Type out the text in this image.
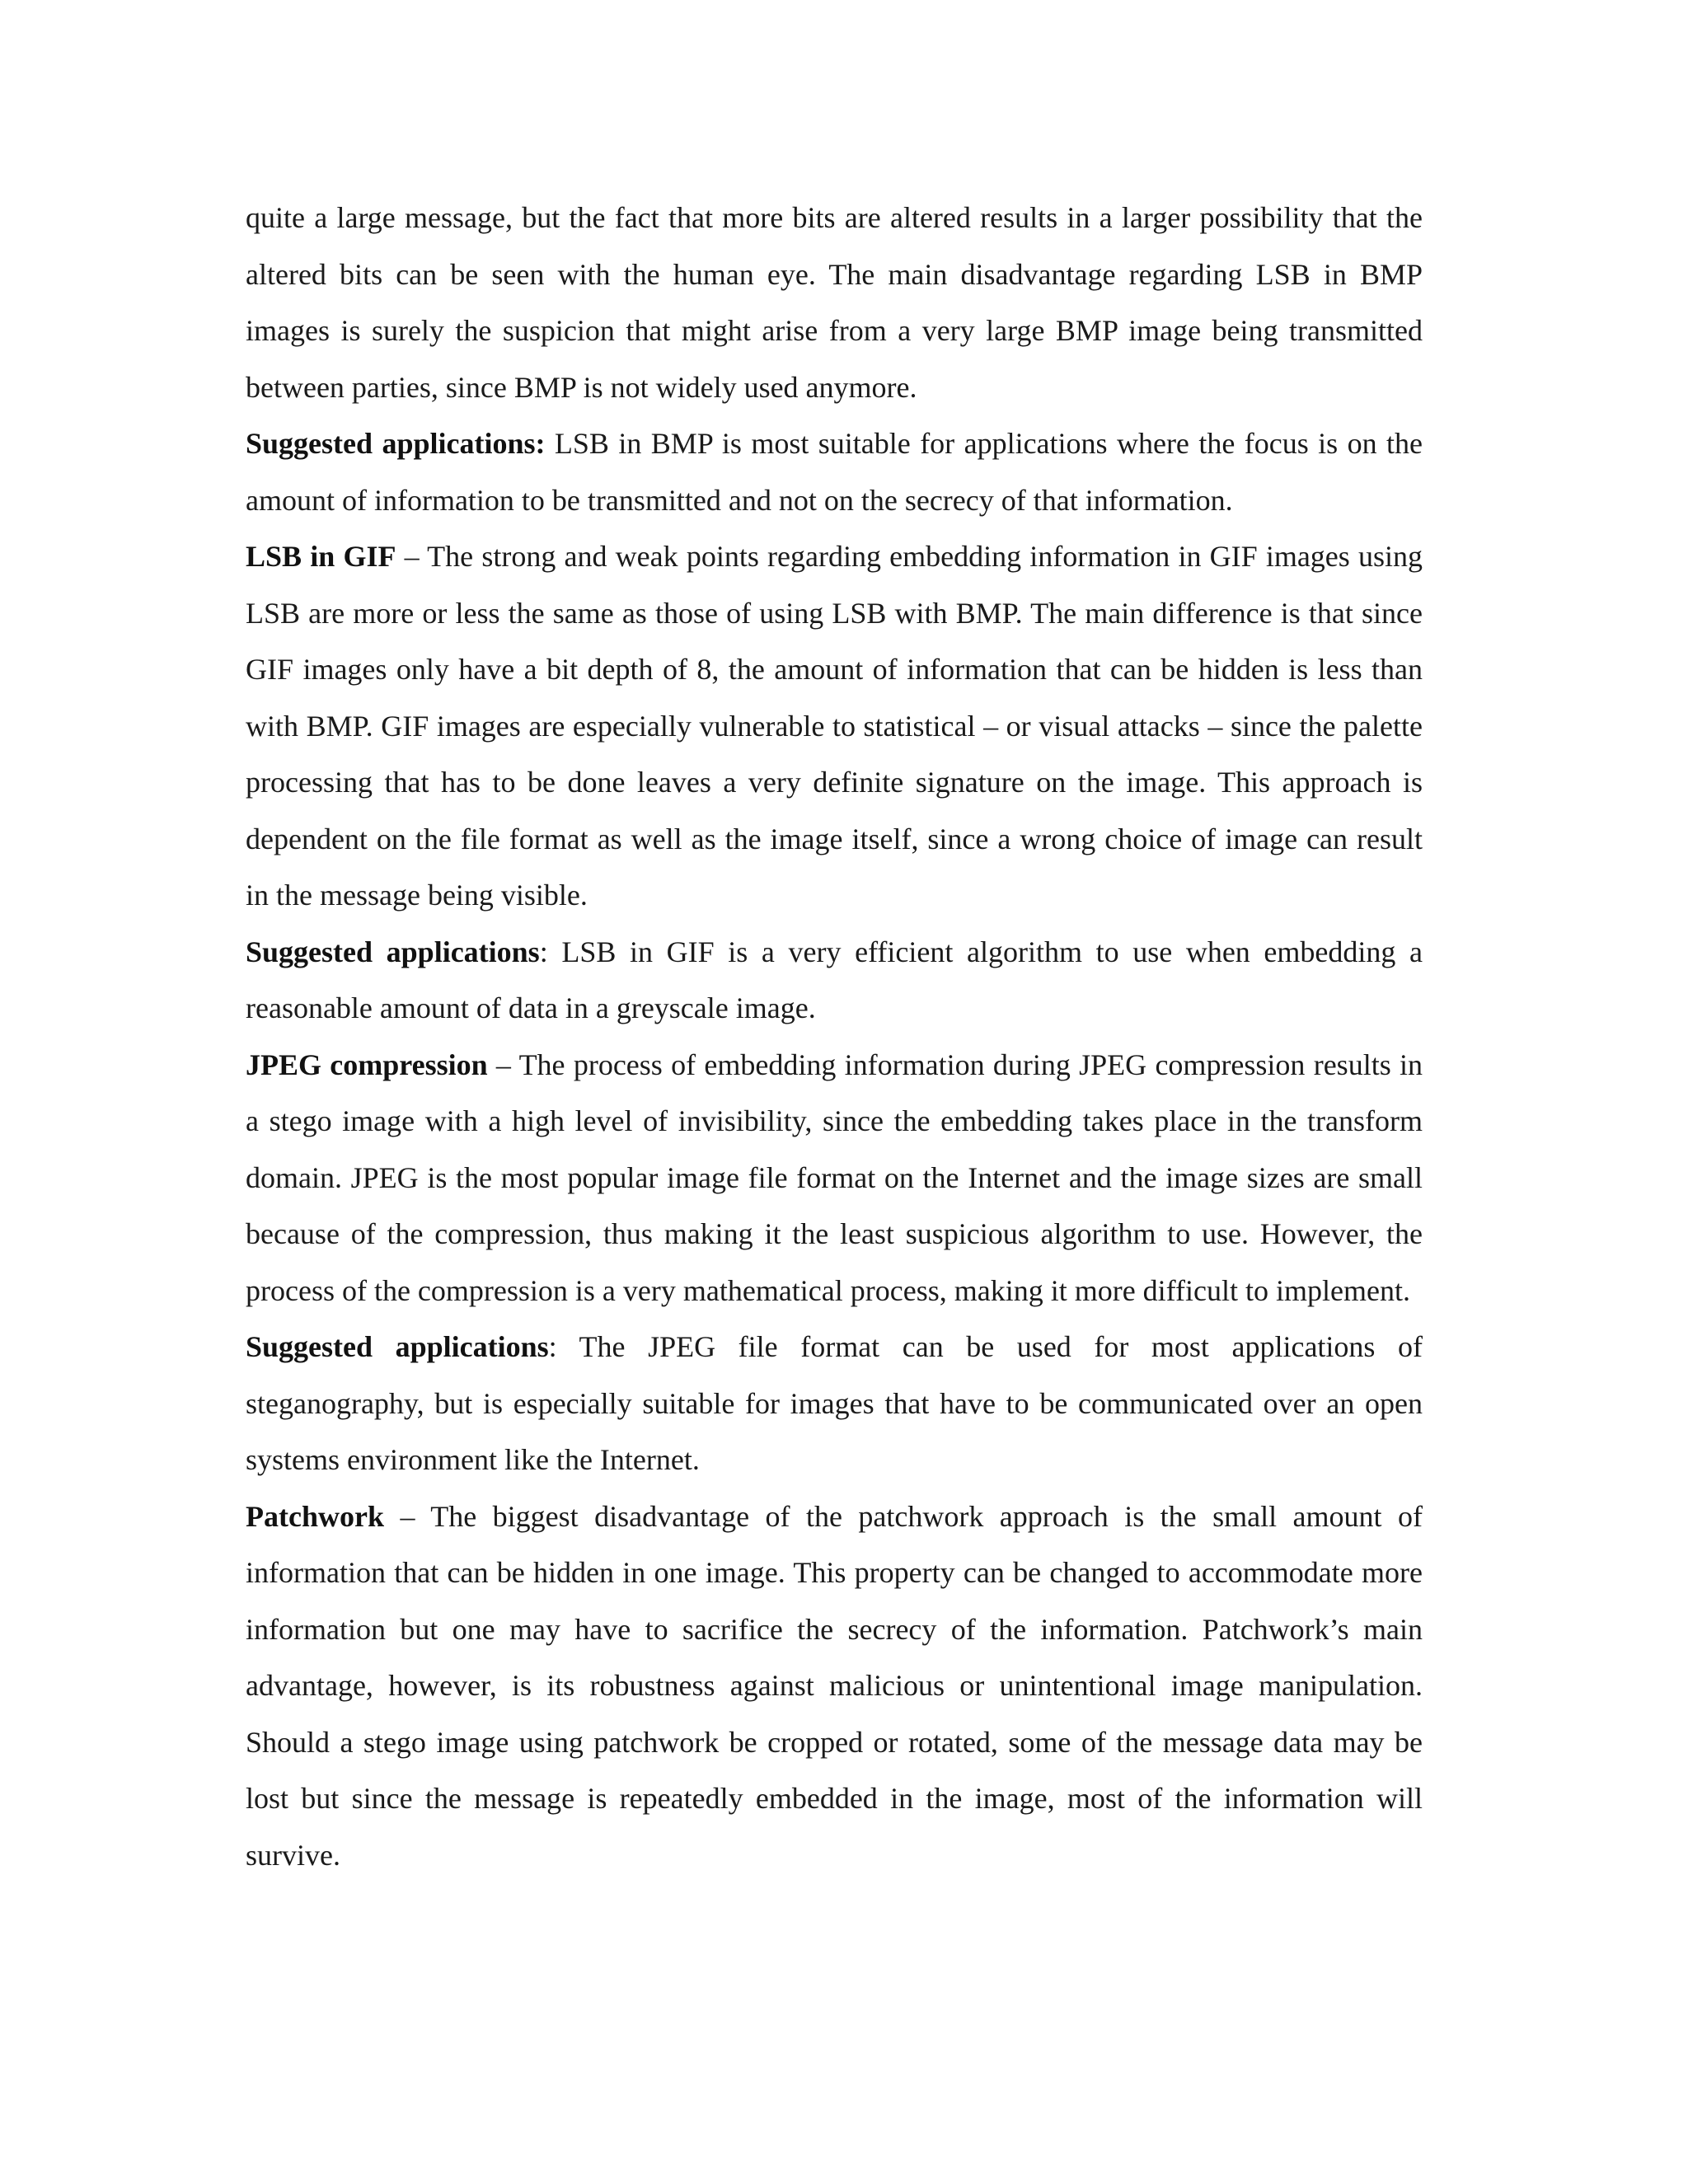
quite a large message, but the fact that more bits are altered results in a larger possibility that the altered bits can be seen with the human eye. The main disadvantage regarding LSB in BMP images is surely the suspicion that might arise from a very large BMP image being transmitted between parties, since BMP is not widely used anymore.

Suggested applications: LSB in BMP is most suitable for applications where the focus is on the amount of information to be transmitted and not on the secrecy of that information.

LSB in GIF – The strong and weak points regarding embedding information in GIF images using LSB are more or less the same as those of using LSB with BMP. The main difference is that since GIF images only have a bit depth of 8, the amount of information that can be hidden is less than with BMP. GIF images are especially vulnerable to statistical – or visual attacks – since the palette processing that has to be done leaves a very definite signature on the image. This approach is dependent on the file format as well as the image itself, since a wrong choice of image can result in the message being visible.

Suggested applications: LSB in GIF is a very efficient algorithm to use when embedding a reasonable amount of data in a greyscale image.

JPEG compression – The process of embedding information during JPEG compression results in a stego image with a high level of invisibility, since the embedding takes place in the transform domain. JPEG is the most popular image file format on the Internet and the image sizes are small because of the compression, thus making it the least suspicious algorithm to use. However, the process of the compression is a very mathematical process, making it more difficult to implement.

Suggested applications: The JPEG file format can be used for most applications of steganography, but is especially suitable for images that have to be communicated over an open systems environment like the Internet.

Patchwork – The biggest disadvantage of the patchwork approach is the small amount of information that can be hidden in one image. This property can be changed to accommodate more information but one may have to sacrifice the secrecy of the information. Patchwork’s main advantage, however, is its robustness against malicious or unintentional image manipulation. Should a stego image using patchwork be cropped or rotated, some of the message data may be lost but since the message is repeatedly embedded in the image, most of the information will survive.
